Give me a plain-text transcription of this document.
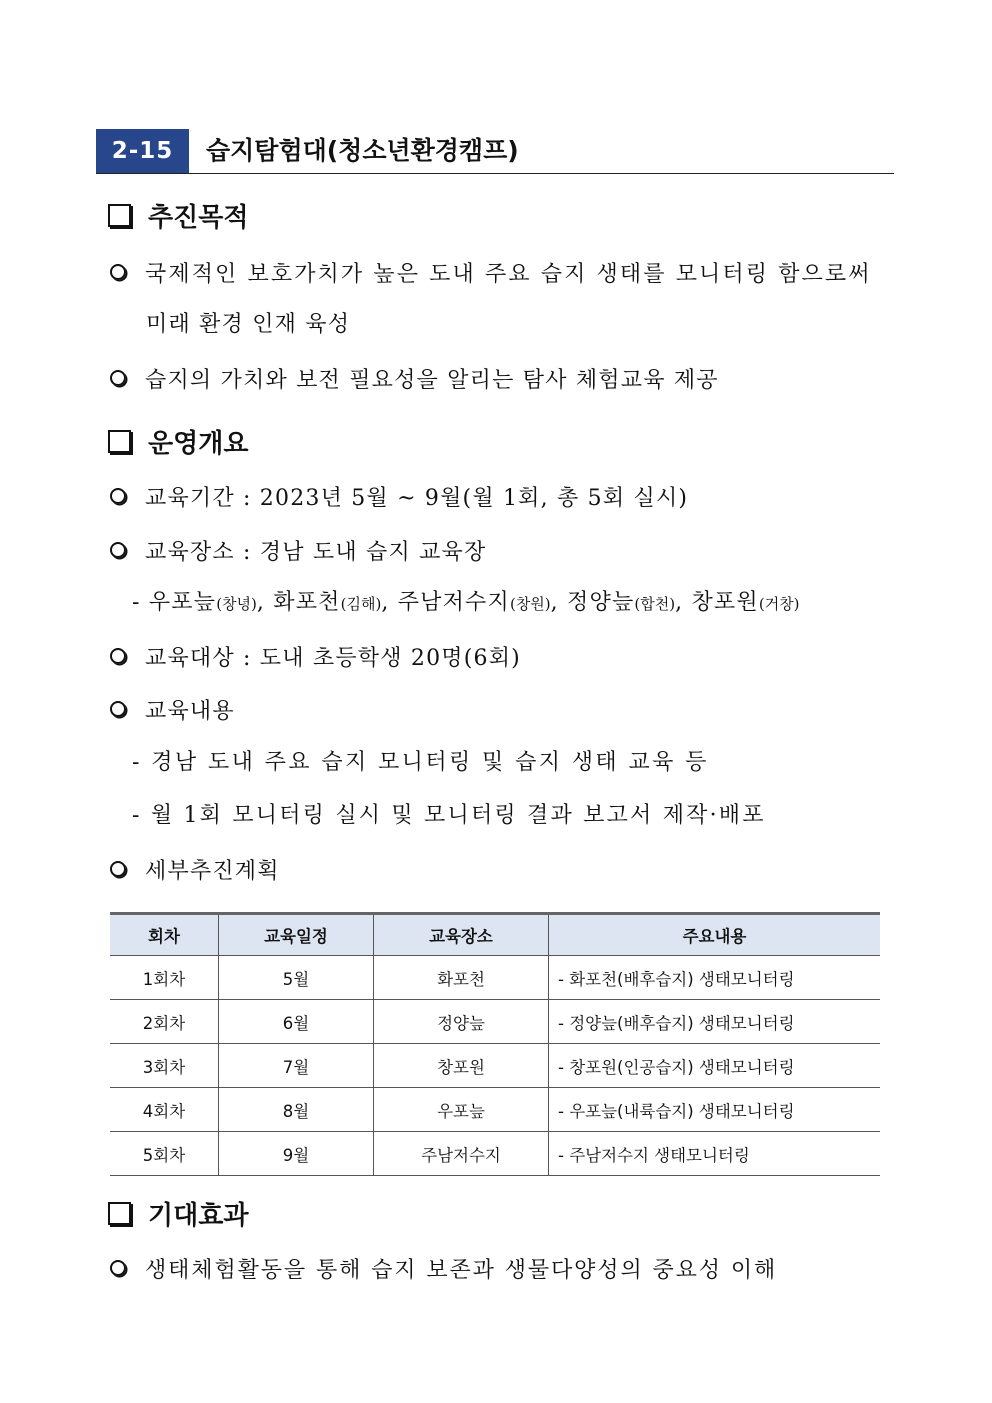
2-15	습지탐험대(청소년환경캠프)
추진목적
국제적인 보호가치가 높은 도내 주요 습지 생태를 모니터링 함으로써
미래 환경 인재 육성
습지의 가치와 보전 필요성을 알리는 탐사 체험교육 제공
운영개요
교육기간 : 2023년 5월 ~ 9월(월 1회, 총 5회 실시)
교육장소 : 경남 도내 습지 교육장
- 우포늪(창녕), 화포천(김해), 주남저수지(창원), 정양늪(합천), 창포원(거창)
교육대상 : 도내 초등학생 20명(6회)
교육내용
- 경남 도내 주요 습지 모니터링 및 습지 생태 교육 등
- 월 1회 모니터링 실시 및 모니터링 결과 보고서 제작·배포
세부추진계획
회차	교육일정	교육장소	주요내용
1회차	5월	화포천	- 화포천(배후습지) 생태모니터링
2회차	6월	정양늪	- 정양늪(배후습지) 생태모니터링
3회차	7월	창포원	- 창포원(인공습지) 생태모니터링
4회차	8월	우포늪	- 우포늪(내륙습지) 생태모니터링
5회차	9월	주남저수지	- 주남저수지 생태모니터링
기대효과
생태체험활동을 통해 습지 보존과 생물다양성의 중요성 이해
